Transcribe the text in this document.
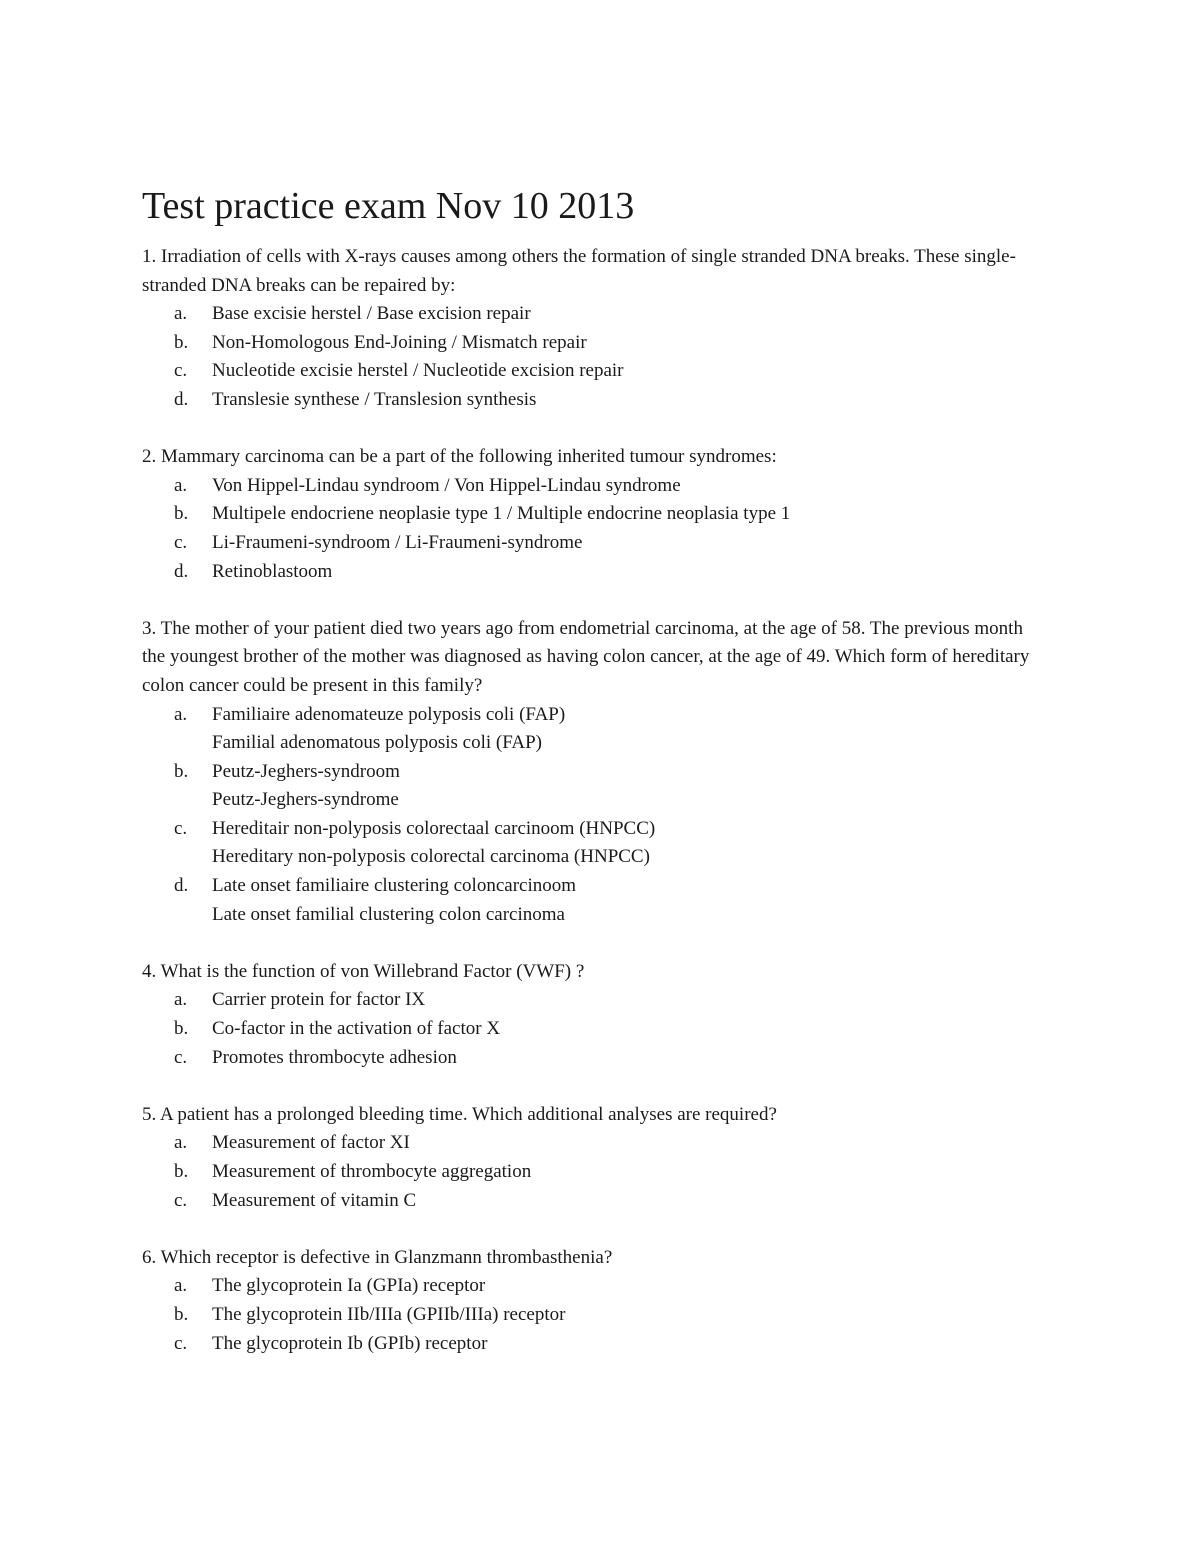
Test practice exam Nov 10 2013

1. Irradiation of cells with X-rays causes among others the formation of single stranded DNA breaks. These single-stranded DNA breaks can be repaired by:

a. Base excisie herstel / Base excision repair
b. Non-Homologous End-Joining / Mismatch repair
c. Nucleotide excisie herstel / Nucleotide excision repair
d. Translesie synthese / Translesion synthesis

2. Mammary carcinoma can be a part of the following inherited tumour syndromes:

a. Von Hippel-Lindau syndroom / Von Hippel-Lindau syndrome
b. Multipele endocriene neoplasie type 1 / Multiple endocrine neoplasia type 1
c. Li-Fraumeni-syndroom / Li-Fraumeni-syndrome
d. Retinoblastoom

3. The mother of your patient died two years ago from endometrial carcinoma, at the age of 58. The previous month the youngest brother of the mother was diagnosed as having colon cancer, at the age of 49. Which form of hereditary colon cancer could be present in this family?

a. Familiaire adenomateuze polyposis coli (FAP)
Familial adenomatous polyposis coli (FAP)
b. Peutz-Jeghers-syndroom
Peutz-Jeghers-syndrome
c. Hereditair non-polyposis colorectaal carcinoom (HNPCC)
Hereditary non-polyposis colorectal carcinoma (HNPCC)
d. Late onset familiaire clustering coloncarcinoom
Late onset familial clustering colon carcinoma

4. What is the function of von Willebrand Factor (VWF) ?

a. Carrier protein for factor IX
b. Co-factor in the activation of factor X
c. Promotes thrombocyte adhesion

5. A patient has a prolonged bleeding time. Which additional analyses are required?

a. Measurement of factor XI
b. Measurement of thrombocyte aggregation
c. Measurement of vitamin C

6. Which receptor is defective in Glanzmann thrombasthenia?

a. The glycoprotein Ia (GPIa) receptor
b. The glycoprotein IIb/IIIa (GPIIb/IIIa) receptor
c. The glycoprotein Ib (GPIb) receptor
